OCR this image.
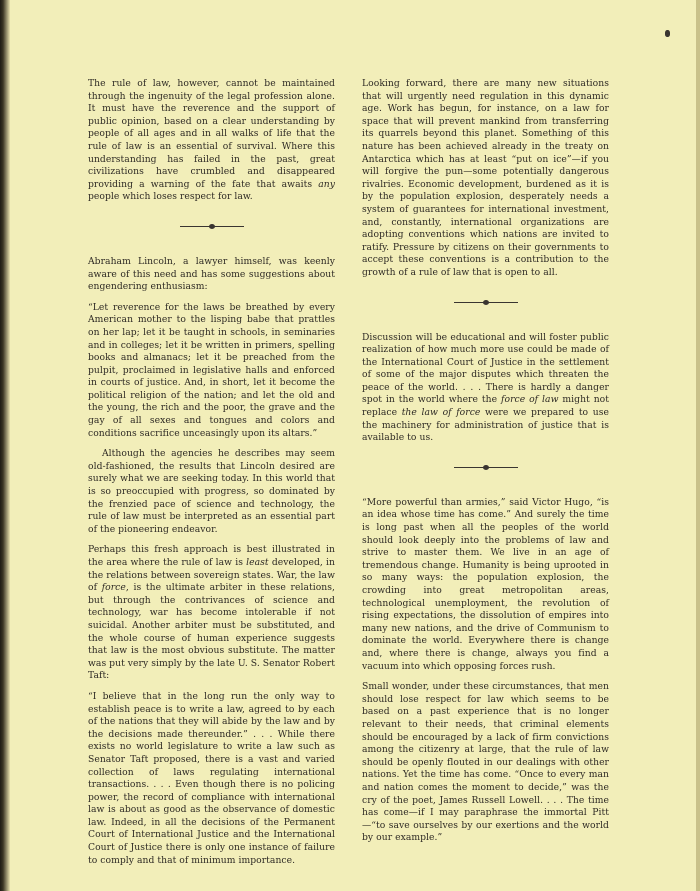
The rule of law, however, cannot be maintained through the ingenuity of the legal profession alone. It must have the reverence and the support of public opinion, based on a clear understanding by people of all ages and in all walks of life that the rule of law is an essential of survival. Where this understanding has failed in the past, great civilizations have crumbled and disappeared providing a warning of the fate that awaits any people which loses respect for law.

Abraham Lincoln, a lawyer himself, was keenly aware of this need and has some suggestions about engendering enthusiasm:

“Let reverence for the laws be breathed by every American mother to the lisping babe that prattles on her lap; let it be taught in schools, in seminaries and in colleges; let it be written in primers, spelling books and almanacs; let it be preached from the pulpit, proclaimed in legislative halls and enforced in courts of justice. And, in short, let it become the political religion of the nation; and let the old and the young, the rich and the poor, the grave and the gay of all sexes and tongues and colors and conditions sacrifice unceasingly upon its altars.”

Although the agencies he describes may seem old-fashioned, the results that Lincoln desired are surely what we are seeking today. In this world that is so preoccupied with progress, so dominated by the frenzied pace of science and technology, the rule of law must be interpreted as an essential part of the pioneering endeavor.

Perhaps this fresh approach is best illustrated in the area where the rule of law is least developed, in the relations between sovereign states. War, the law of force, is the ultimate arbiter in these relations, but through the contrivances of science and technology, war has become intolerable if not suicidal. Another arbiter must be substituted, and the whole course of human experience suggests that law is the most obvious substitute. The matter was put very simply by the late U. S. Senator Robert Taft:

“I believe that in the long run the only way to establish peace is to write a law, agreed to by each of the nations that they will abide by the law and by the decisions made thereunder.” . . . While there exists no world legislature to write a law such as Senator Taft proposed, there is a vast and varied collection of laws regulating international transactions. . . . Even though there is no policing power, the record of compliance with international law is about as good as the observance of domestic law. Indeed, in all the decisions of the Permanent Court of International Justice and the International Court of Justice there is only one instance of failure to comply and that of minimum importance.

Looking forward, there are many new situations that will urgently need regulation in this dynamic age. Work has begun, for instance, on a law for space that will prevent mankind from transferring its quarrels beyond this planet. Something of this nature has been achieved already in the treaty on Antarctica which has at least “put on ice”—if you will forgive the pun—some potentially dangerous rivalries. Economic development, burdened as it is by the population explosion, desperately needs a system of guarantees for international investment, and, constantly, international organizations are adopting conventions which nations are invited to ratify. Pressure by citizens on their governments to accept these conventions is a contribution to the growth of a rule of law that is open to all.

Discussion will be educational and will foster public realization of how much more use could be made of the International Court of Justice in the settlement of some of the major disputes which threaten the peace of the world. . . . There is hardly a danger spot in the world where the force of law might not replace the law of force were we prepared to use the machinery for administration of justice that is available to us.

“More powerful than armies,” said Victor Hugo, “is an idea whose time has come.” And surely the time is long past when all the peoples of the world should look deeply into the problems of law and strive to master them. We live in an age of tremendous change. Humanity is being uprooted in so many ways: the population explosion, the crowding into great metropolitan areas, technological unemployment, the revolution of rising expectations, the dissolution of empires into many new nations, and the drive of Communism to dominate the world. Everywhere there is change and, where there is change, always you find a vacuum into which opposing forces rush.

Small wonder, under these circumstances, that men should lose respect for law which seems to be based on a past experience that is no longer relevant to their needs, that criminal elements should be encouraged by a lack of firm convictions among the citizenry at large, that the rule of law should be openly flouted in our dealings with other nations. Yet the time has come. “Once to every man and nation comes the moment to decide,” was the cry of the poet, James Russell Lowell. . . . The time has come—if I may paraphrase the immortal Pitt—“to save ourselves by our exertions and the world by our example.”
